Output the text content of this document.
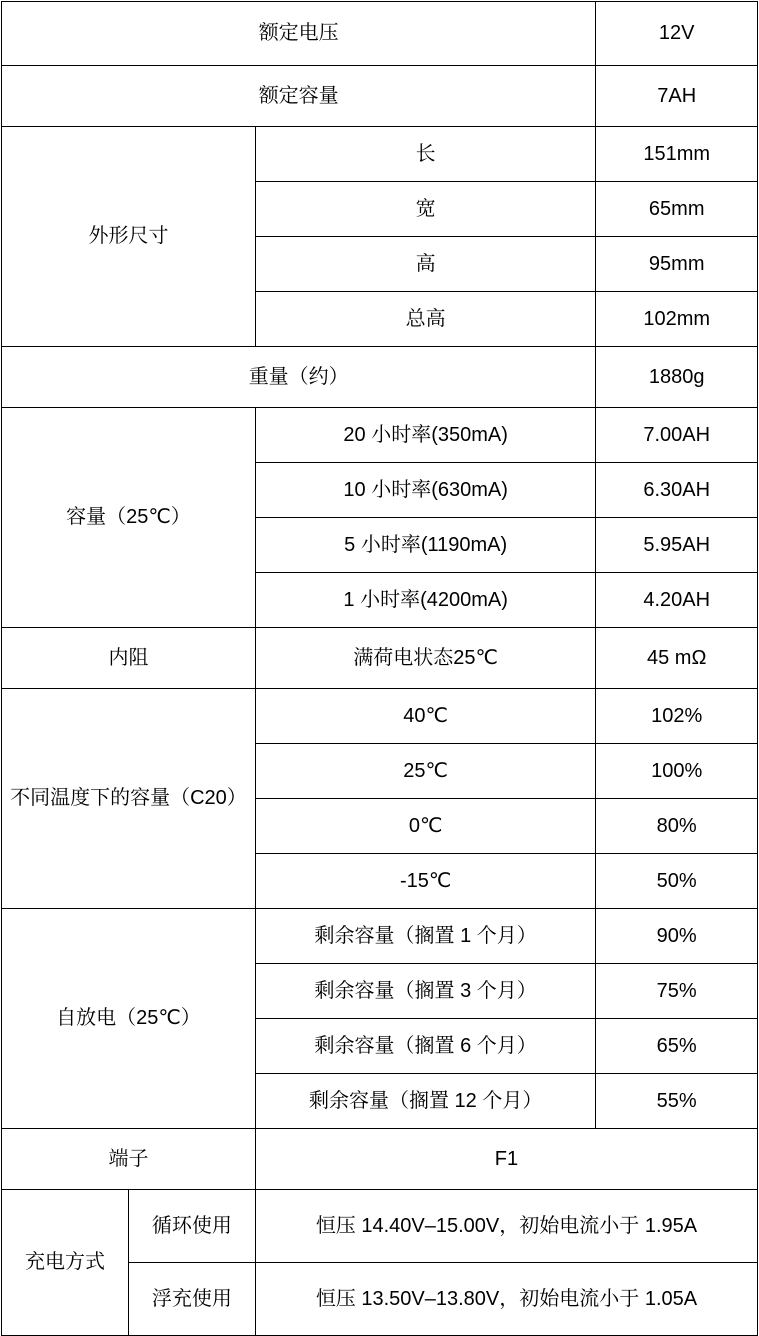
额定电压			12V
额定容量			7AH
外形尺寸		长	151mm
		宽	65mm
		高	95mm
		总高	102mm
重量（约）			1880g
容量（25℃）		20 小时率(350mA)	7.00AH
		10 小时率(630mA)	6.30AH
		5 小时率(1190mA)	5.95AH
		1 小时率(4200mA)	4.20AH
内阻		满荷电状态25℃	45 mΩ
不同温度下的容量（C20）		40℃	102%
		25℃	100%
		0℃	80%
		-15℃	50%
自放电（25℃）		剩余容量（搁置 1 个月）	90%
		剩余容量（搁置 3 个月）	75%
		剩余容量（搁置 6 个月）	65%
		剩余容量（搁置 12 个月）	55%
端子		F1	
充电方式	循环使用	恒压 14.40V–15.00V，初始电流小于 1.95A	
	浮充使用	恒压 13.50V–13.80V，初始电流小于 1.05A	
